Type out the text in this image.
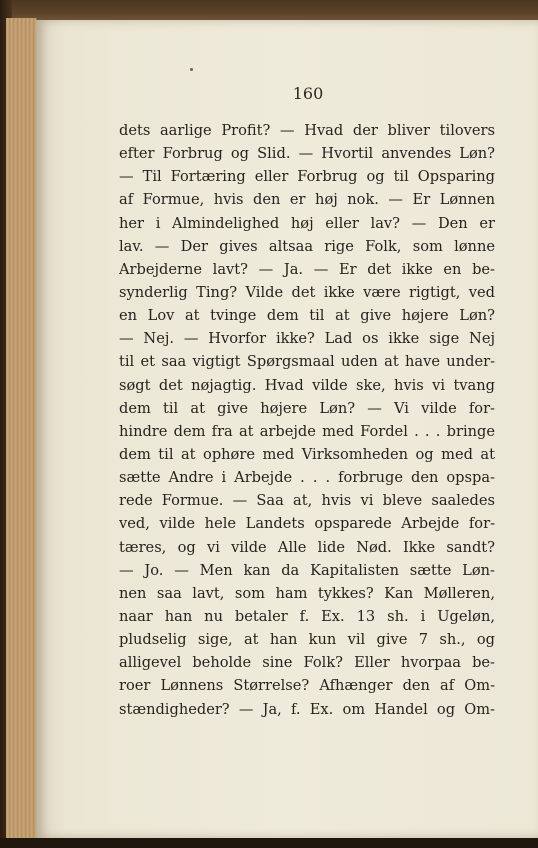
160
dets aarlige Profit? — Hvad der bliver tilovers
efter Forbrug og Slid. — Hvortil anvendes Løn?
— Til Fortæring eller Forbrug og til Opsparing
af Formue, hvis den er høj nok. — Er Lønnen
her i Almindelighed høj eller lav? — Den er
lav. — Der gives altsaa rige Folk, som lønne
Arbejderne lavt? — Ja. — Er det ikke en be-
synderlig Ting? Vilde det ikke være rigtigt, ved
en Lov at tvinge dem til at give højere Løn?
— Nej. — Hvorfor ikke? Lad os ikke sige Nej
til et saa vigtigt Spørgsmaal uden at have under-
søgt det nøjagtig. Hvad vilde ske, hvis vi tvang
dem til at give højere Løn? — Vi vilde for-
hindre dem fra at arbejde med Fordel . . . bringe
dem til at ophøre med Virksomheden og med at
sætte Andre i Arbejde . . . forbruge den opspa-
rede Formue. — Saa at, hvis vi bleve saaledes
ved, vilde hele Landets opsparede Arbejde for-
tæres, og vi vilde Alle lide Nød. Ikke sandt?
— Jo. — Men kan da Kapitalisten sætte Løn-
nen saa lavt, som ham tykkes? Kan Mølleren,
naar han nu betaler f. Ex. 13 sh. i Ugeløn,
pludselig sige, at han kun vil give 7 sh., og
alligevel beholde sine Folk? Eller hvorpaa be-
roer Lønnens Størrelse? Afhænger den af Om-
stændigheder? — Ja, f. Ex. om Handel og Om-
